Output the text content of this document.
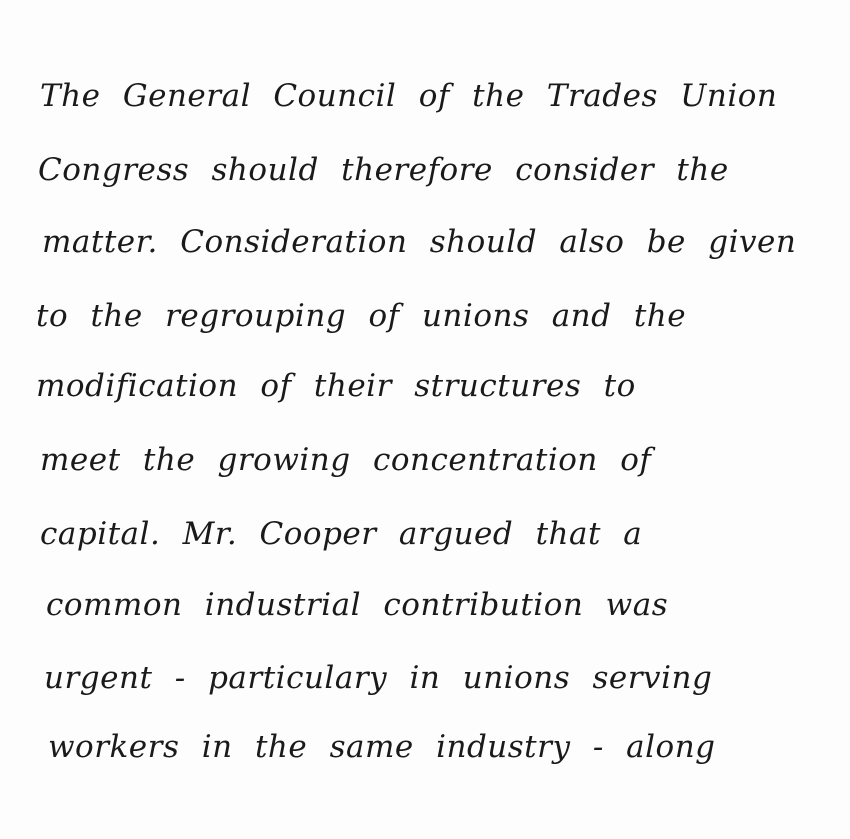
The General Council of the Trades Union
Congress should therefore consider the
matter. Consideration should also be given
to the regrouping of unions and the
modification of their structures to
meet the growing concentration of
capital. Mr. Cooper argued that a
common industrial contribution was
urgent - particulary in unions serving
workers in the same industry - along
